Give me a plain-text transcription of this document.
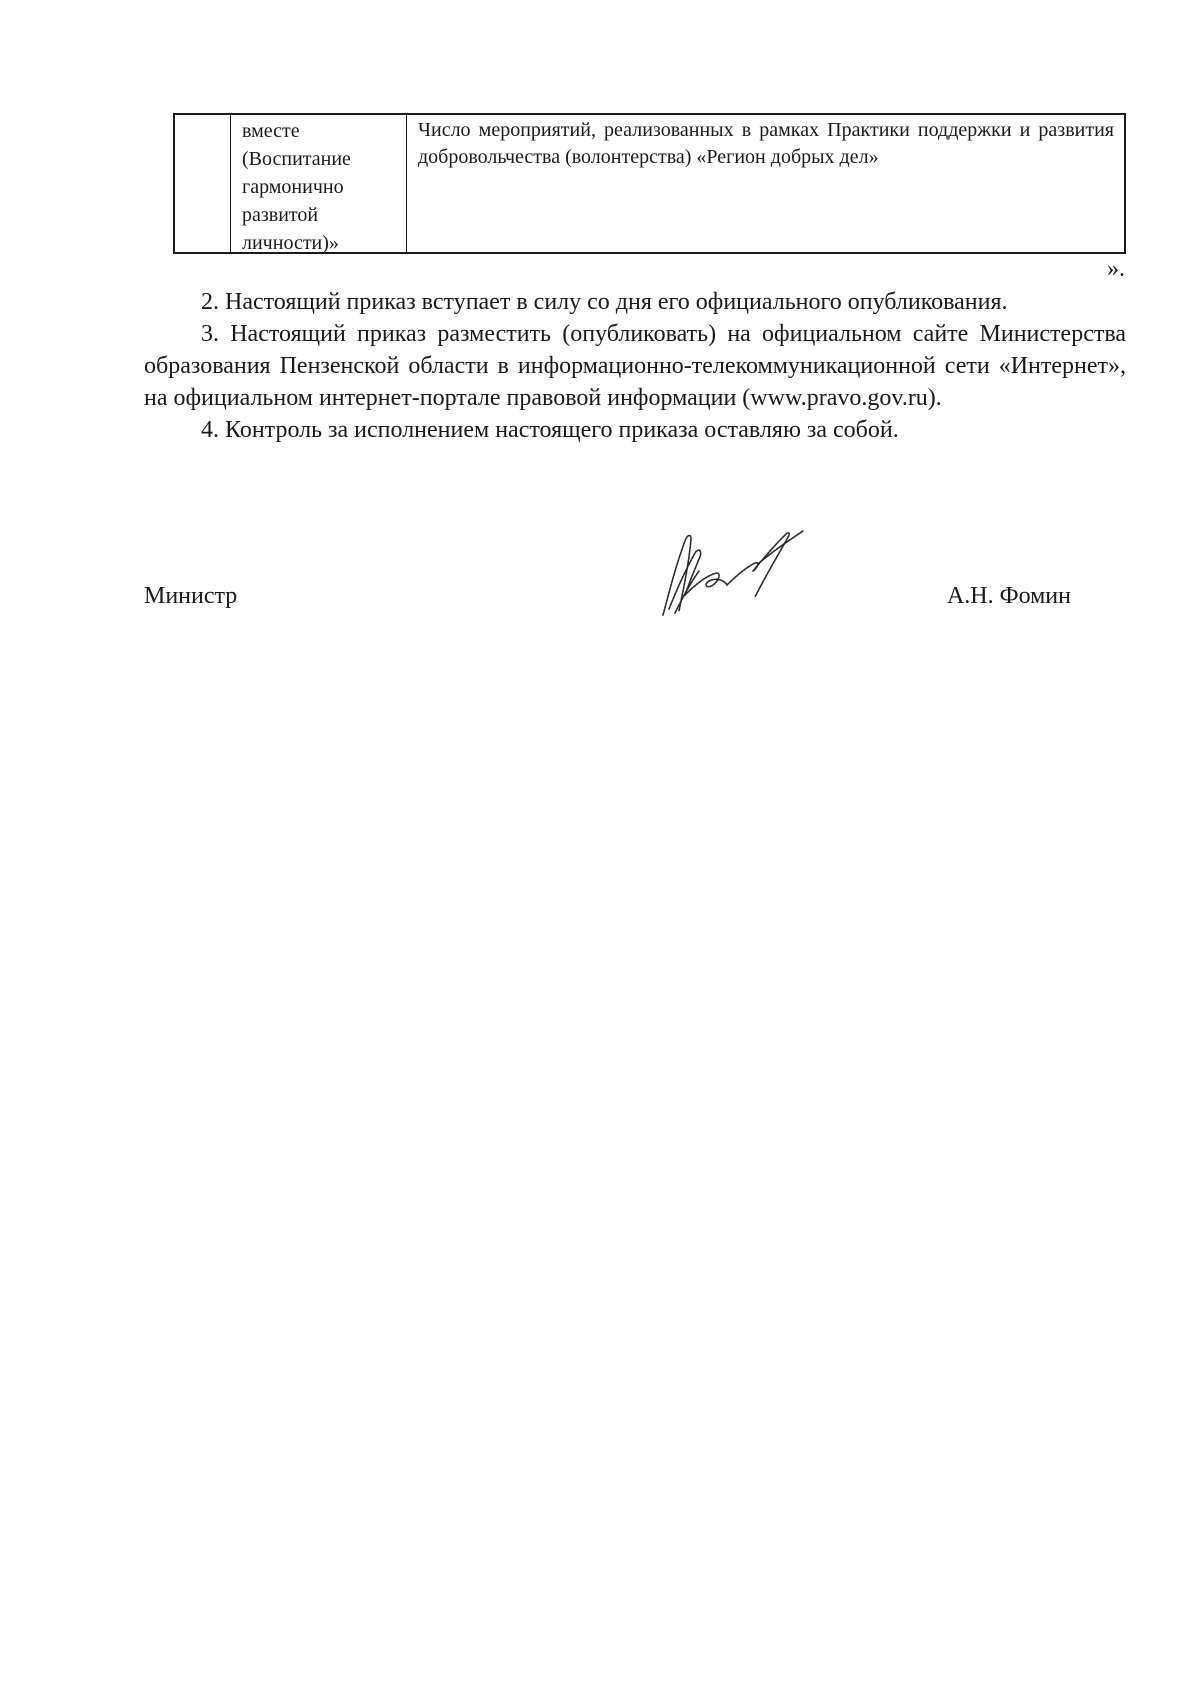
вместе
(Воспитание
гармонично
развитой
личности)»
Число мероприятий, реализованных в рамках Практики поддержки и развития добровольчества (волонтерства) «Регион добрых дел»
».
2. Настоящий приказ вступает в силу со дня его официального опубликования.
3. Настоящий приказ разместить (опубликовать) на официальном сайте Министерства образования Пензенской области в информационно-телекоммуникационной сети «Интернет», на официальном интернет-портале правовой информации (www.pravo.gov.ru).
4. Контроль за исполнением настоящего приказа оставляю за собой.
Министр	А.Н. Фомин
